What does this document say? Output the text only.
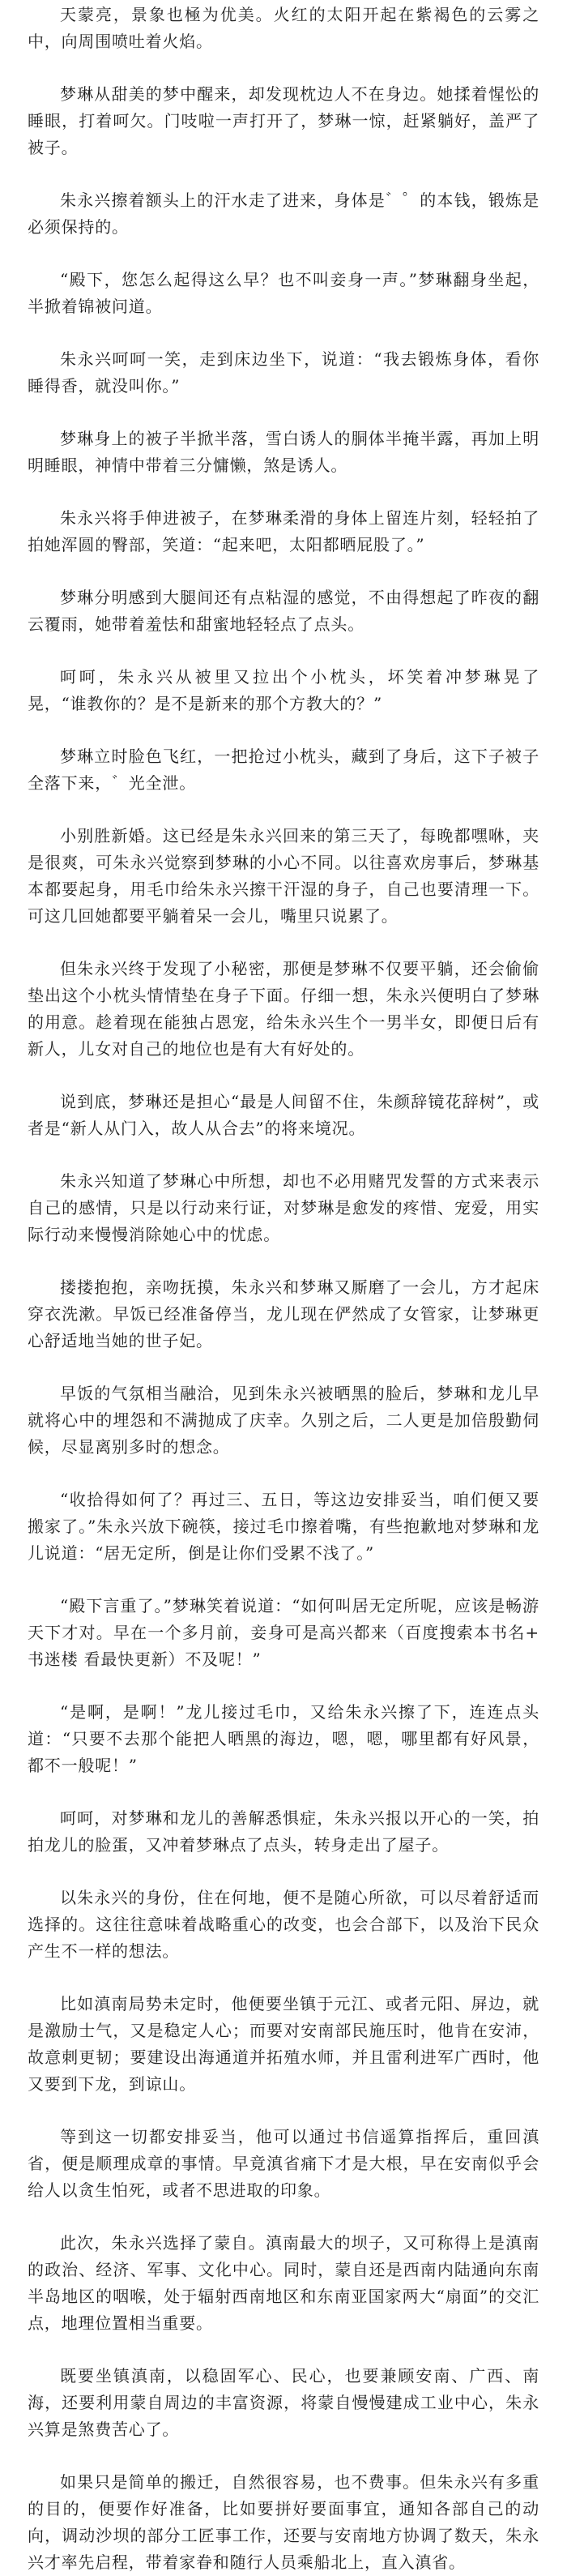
天蒙亮，景象也極为优美。火红的太阳开起在紫褐色的云雾之中，向周围喷吐着火焰。

梦琳从甜美的梦中醒来，却发现枕边人不在身边。她揉着惺忪的睡眼，打着呵欠。门吱啦一声打开了，梦琳一惊，赶紧躺好，盖严了被子。

朱永兴擦着额头上的汗水走了进来，身体是゛゜的本钱，锻炼是必须保持的。

“殿下，您怎么起得这么早？也不叫妾身一声。”梦琳翻身坐起，半掀着锦被问道。

朱永兴呵呵一笑，走到床边坐下，说道：“我去锻炼身体，看你睡得香，就没叫你。”

梦琳身上的被子半掀半落，雪白诱人的胴体半掩半露，再加上明明睡眼，神情中带着三分慵懒，煞是诱人。

朱永兴将手伸进被子，在梦琳柔滑的身体上留连片刻，轻轻拍了拍她浑圆的臀部，笑道：“起来吧，太阳都晒屁股了。”

梦琳分明感到大腿间还有点粘湿的感觉，不由得想起了昨夜的翻云覆雨，她带着羞怯和甜蜜地轻轻点了点头。

呵呵，朱永兴从被里又拉出个小枕头，坏笑着冲梦琳晃了晃，“谁教你的？是不是新来的那个方教大的？”

梦琳立时脸色飞红，一把抢过小枕头，藏到了身后，这下子被子全落下来，゛光全泄。

小别胜新婚。这已经是朱永兴回来的第三天了，每晚都嘿咻，夹是很爽，可朱永兴觉察到梦琳的小心不同。以往喜欢房事后，梦琳基本都要起身，用毛巾给朱永兴擦干汗湿的身子，自己也要清理一下。可这几回她都要平躺着呆一会儿，嘴里只说累了。

但朱永兴终于发现了小秘密，那便是梦琳不仅要平躺，还会偷偷垫出这个小枕头情情垫在身子下面。仔细一想，朱永兴便明白了梦琳的用意。趁着现在能独占恩宠，给朱永兴生个一男半女，即便日后有新人，儿女对自己的地位也是有大有好处的。

说到底，梦琳还是担心“最是人间留不住，朱颜辞镜花辞树”，或者是“新人从门入，故人从合去”的将来境况。

朱永兴知道了梦琳心中所想，却也不必用赌咒发誓的方式来表示自己的感情，只是以行动来行证，对梦琳是愈发的疼惜、宠爱，用实际行动来慢慢消除她心中的忧虑。

搂搂抱抱，亲吻抚摸，朱永兴和梦琳又厮磨了一会儿，方才起床穿衣洗漱。早饭已经准备停当，龙儿现在俨然成了女管家，让梦琳更心舒适地当她的世子妃。

早饭的气氛相当融洽，见到朱永兴被晒黑的脸后，梦琳和龙儿早就将心中的埋怨和不满抛成了庆幸。久别之后，二人更是加倍殷勤伺候，尽显离别多时的想念。

“收拾得如何了？再过三、五日，等这边安排妥当，咱们便又要搬家了。”朱永兴放下碗筷，接过毛巾擦着嘴，有些抱歉地对梦琳和龙儿说道：“居无定所，倒是让你们受累不浅了。”

“殿下言重了。”梦琳笑着说道：“如何叫居无定所呢，应该是畅游天下才对。早在一个多月前，妾身可是高兴都来（百度搜索本书名+ 书迷楼 看最快更新）不及呢！”

“是啊，是啊！”龙儿接过毛巾，又给朱永兴擦了下，连连点头道：“只要不去那个能把人晒黑的海边，嗯，嗯，哪里都有好风景，都不一般呢！”

呵呵，对梦琳和龙儿的善解悉惧症，朱永兴报以开心的一笑，拍拍龙儿的脸蛋，又冲着梦琳点了点头，转身走出了屋子。

以朱永兴的身份，住在何地，便不是随心所欲，可以尽着舒适而选择的。这往往意味着战略重心的改变，也会合部下，以及治下民众产生不一样的想法。

比如滇南局势未定时，他便要坐镇于元江、或者元阳、屏边，就是激励士气，又是稳定人心；而要对安南部民施压时，他肯在安沛，故意刺更韧；要建设出海通道并拓殖水师，并且雷利进军广西时，他又要到下龙，到谅山。

等到这一切都安排妥当，他可以通过书信遥算指挥后，重回滇省，便是顺理成章的事情。早竟滇省痛下才是大根，早在安南似乎会给人以贪生怕死，或者不思进取的印象。

此次，朱永兴选择了蒙自。滇南最大的坝子，又可称得上是滇南的政治、经济、军事、文化中心。同时，蒙自还是西南内陆通向东南半岛地区的咽喉，处于辐射西南地区和东南亚国家两大“扇面”的交汇点，地理位置相当重要。

既要坐镇滇南，以稳固军心、民心，也要兼顾安南、广西、南海，还要利用蒙自周边的丰富资源，将蒙自慢慢建成工业中心，朱永兴算是煞费苦心了。

如果只是简单的搬迁，自然很容易，也不费事。但朱永兴有多重的目的，便要作好准备，比如要拼好要面事宜，通知各部自己的动向，调动沙坝的部分工匠事工作，还要与安南地方协调了数天，朱永兴才率先启程，带着家眷和随行人员乘船北上，直入滇省。
